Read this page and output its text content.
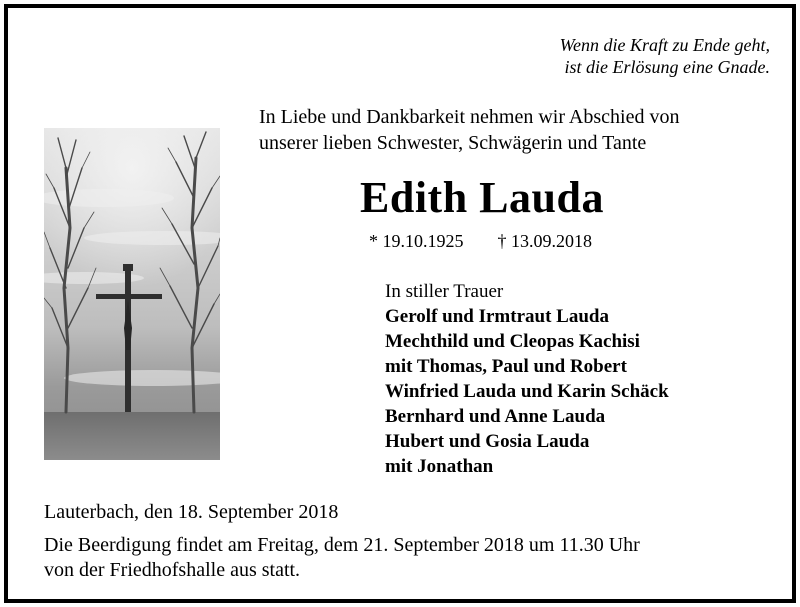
Wenn die Kraft zu Ende geht,
ist die Erlösung eine Gnade.
In Liebe und Dankbarkeit nehmen wir Abschied von
unserer lieben Schwester, Schwägerin und Tante
Edith Lauda
* 19.10.1925 † 13.09.2018
In stiller Trauer
Gerolf und Irmtraut Lauda
Mechthild und Cleopas Kachisi
mit Thomas, Paul und Robert
Winfried Lauda und Karin Schäck
Bernhard und Anne Lauda
Hubert und Gosia Lauda
mit Jonathan
Lauterbach, den 18. September 2018
Die Beerdigung findet am Freitag, dem 21. September 2018 um 11.30 Uhr
von der Friedhofshalle aus statt.
